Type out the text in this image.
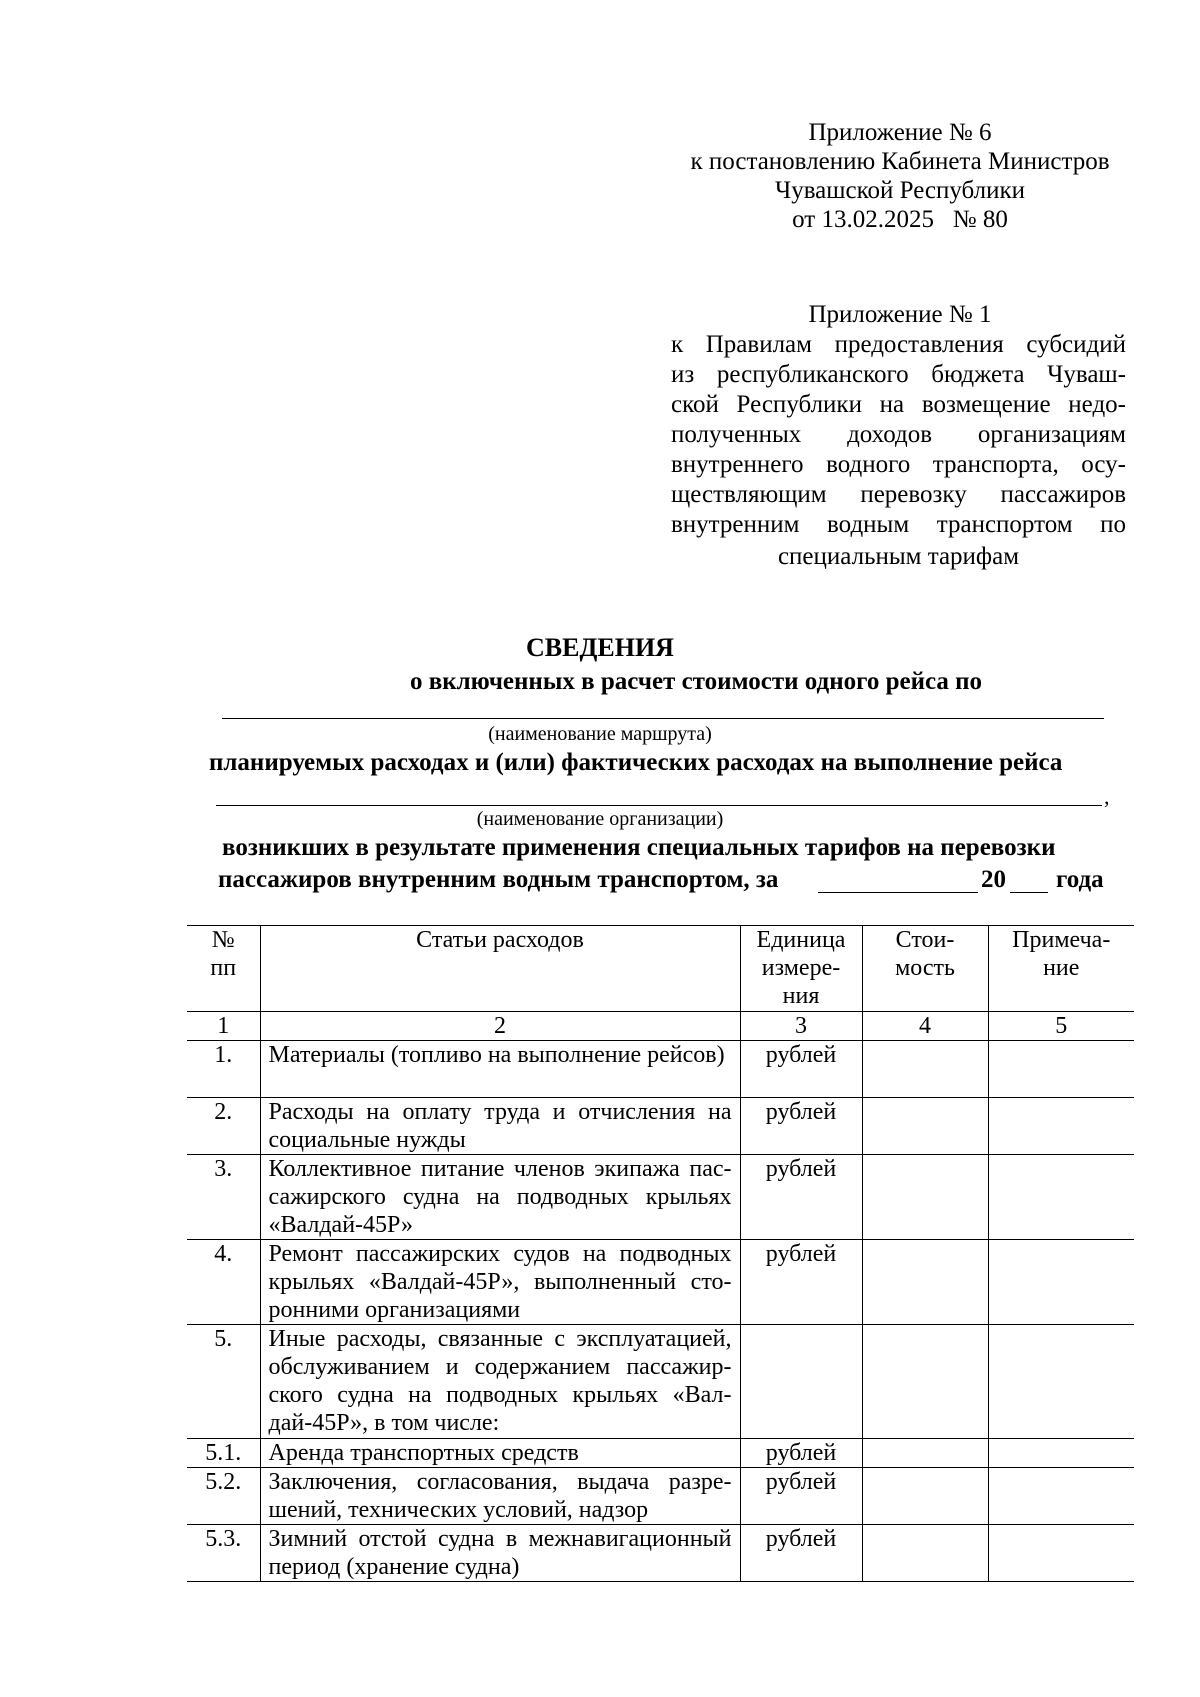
Приложение № 6
к постановлению Кабинета Министров
Чувашской Республики
от 13.02.2025   № 80
Приложение № 1
к Правилам предоставления субсидий
из республиканского бюджета Чуваш-
ской Республики на возмещение недо-
полученных доходов организациям
внутреннего водного транспорта, осу-
ществляющим перевозку пассажиров
внутренним водным транспортом по
специальным тарифам
СВЕДЕНИЯ
о включенных в расчет стоимости одного рейса по
(наименование маршрута)
планируемых расходах и (или) фактических расходах на выполнение рейса
,
(наименование организации)
возникших в результате применения специальных тарифов на перевозки
пассажиров внутренним водным транспортом, за	20 года
№ пп	Статьи расходов	Единица измерения	Стоимость	Примечание
1	2	3	4	5
1.	Материалы (топливо на выполнение рейсов)	рублей		
2.	Расходы на оплату труда и отчисления на социальные нужды	рублей		
3.	Коллективное питание членов экипажа пассажирского судна на подводных крыльях «Валдай-45Р»	рублей		
4.	Ремонт пассажирских судов на подводных крыльях «Валдай-45Р», выполненный сторонними организациями	рублей		
5.	Иные расходы, связанные с эксплуатацией, обслуживанием и содержанием пассажирского судна на подводных крыльях «Валдай-45Р», в том числе:			
5.1.	Аренда транспортных средств	рублей		
5.2.	Заключения, согласования, выдача разрешений, технических условий, надзор	рублей		
5.3.	Зимний отстой судна в межнавигационный период (хранение судна)	рублей		
